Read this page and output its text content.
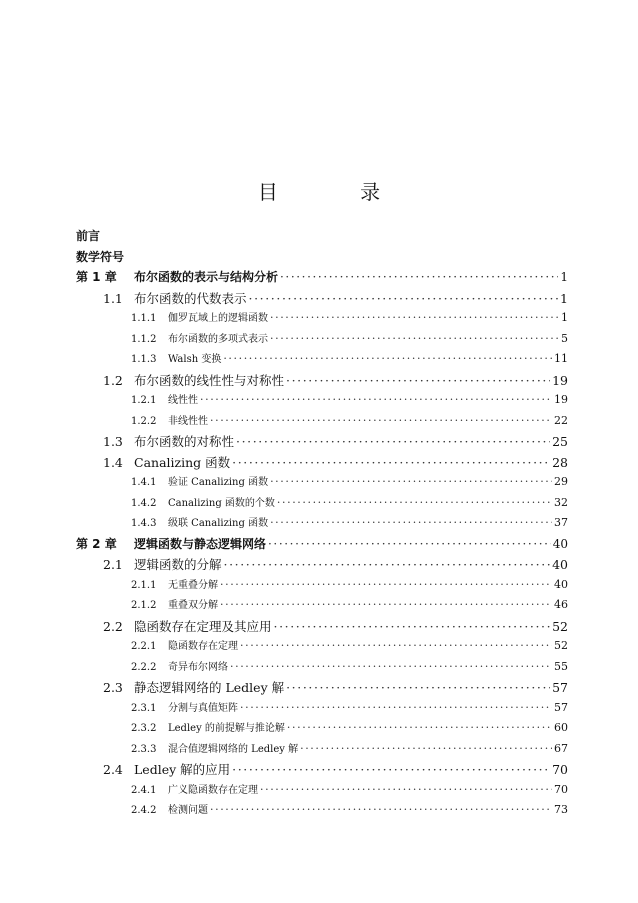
目 录
前言
数学符号
第 1 章	布尔函数的表示与结构分析 ·····	1
1.1 布尔函数的代数表示 ·····	1
1.1.1	伽罗瓦域上的逻辑函数 ·····	1
1.1.2	布尔函数的多项式表示 ·····	5
1.1.3	Walsh 变换 ·····	11
1.2 布尔函数的线性性与对称性 ·····	19
1.2.1	线性性 ·····	19
1.2.2	非线性性 ·····	22
1.3 布尔函数的对称性 ·····	25
1.4 Canalizing 函数 ·····	28
1.4.1	验证 Canalizing 函数 ·····	29
1.4.2	Canalizing 函数的个数 ·····	32
1.4.3	级联 Canalizing 函数 ·····	37
第 2 章	逻辑函数与静态逻辑网络 ·····	40
2.1 逻辑函数的分解 ·····	40
2.1.1	无重叠分解 ·····	40
2.1.2	重叠双分解 ·····	46
2.2 隐函数存在定理及其应用 ·····	52
2.2.1	隐函数存在定理 ·····	52
2.2.2	奇异布尔网络 ·····	55
2.3 静态逻辑网络的 Ledley 解 ·····	57
2.3.1	分割与真值矩阵 ·····	57
2.3.2	Ledley 的前提解与推论解 ·····	60
2.3.3	混合值逻辑网络的 Ledley 解 ·····	67
2.4 Ledley 解的应用 ·····	70
2.4.1	广义隐函数存在定理 ·····	70
2.4.2	检测问题 ·····	73
